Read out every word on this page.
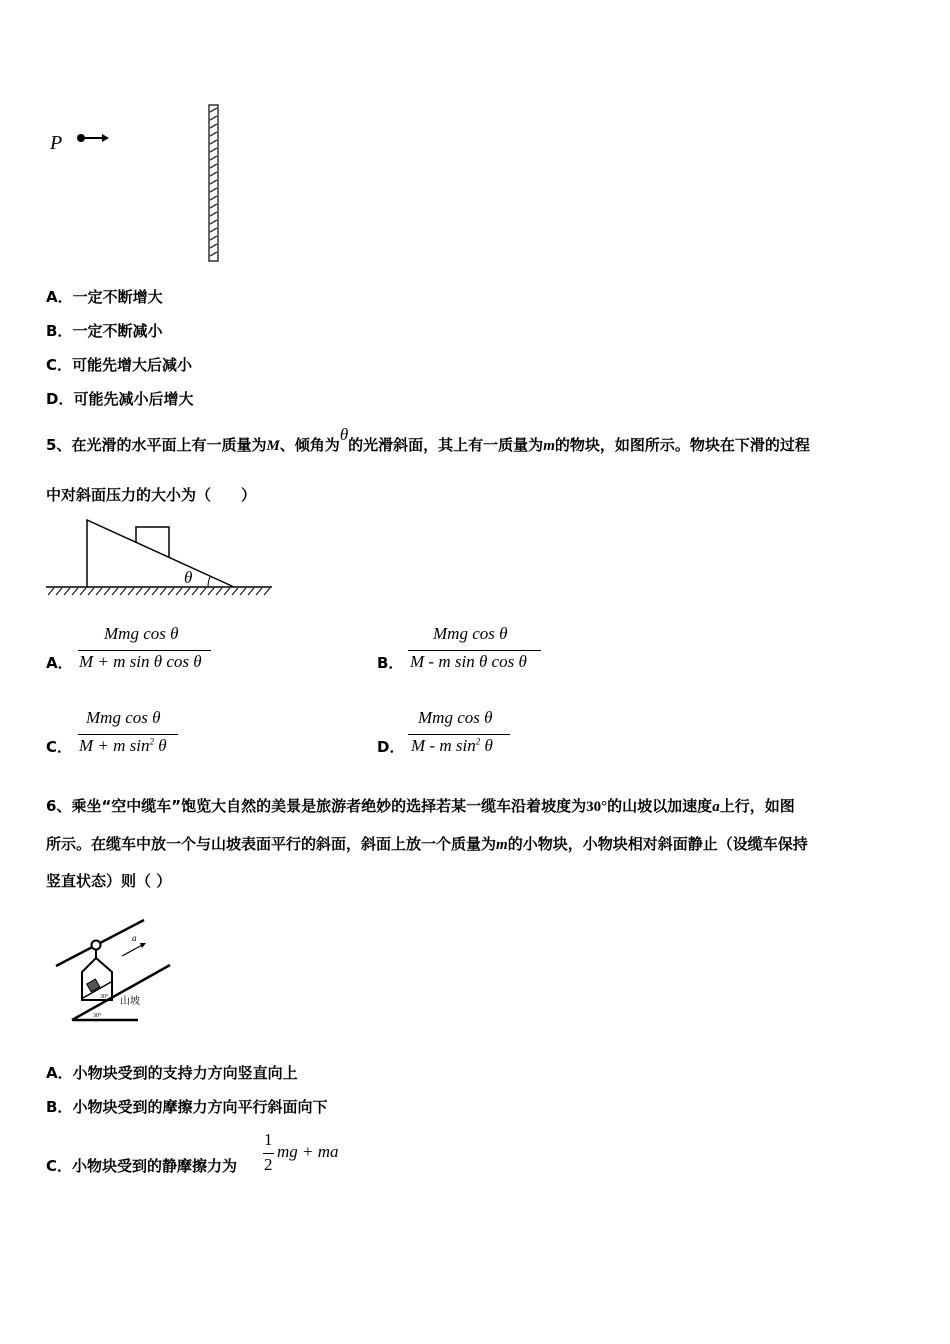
P
A．一定不断增大
B．一定不断减小
C．可能先增大后减小
D．可能先减小后增大
5、在光滑的水平面上有一质量为M、倾角为θ的光滑斜面，其上有一质量为m的物块，如图所示。物块在下滑的过程
中对斜面压力的大小为（　　）
θ
A．
Mmg cos θ
M + m sin θ cos θ	B．
Mmg cos θ
M - m sin θ cos θ
C．
Mmg cos θ
M + m $\sin^2 \theta$	D．
Mmg cos θ
M - m $\sin^2 \theta$
6、乘坐“空中缆车”饱览大自然的美景是旅游者绝妙的选择若某一缆车沿着坡度为30°的山坡以加速度a上行，如图
所示。在缆车中放一个与山坡表面平行的斜面，斜面上放一个质量为m的小物块，小物块相对斜面静止（设缆车保持
竖直状态）则（ ）
30°
a
山坡
30°
A．小物块受到的支持力方向竖直向上
B．小物块受到的摩擦力方向平行斜面向下
C．小物块受到的静摩擦力为
1
2
mg + ma
